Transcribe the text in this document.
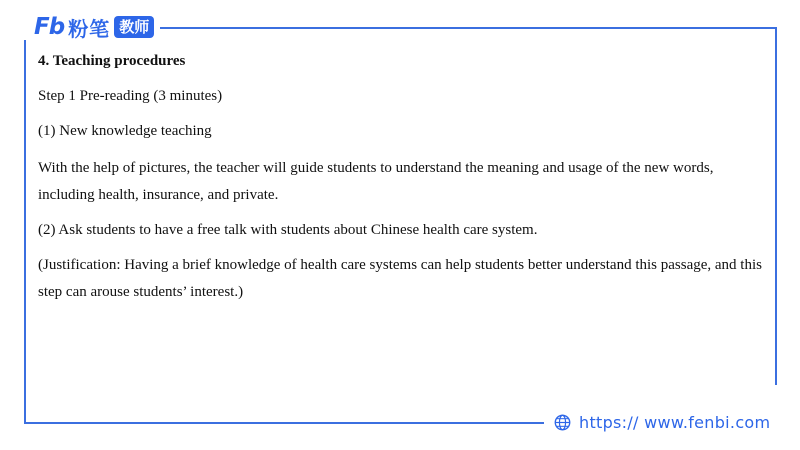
Fb 粉笔 教师

4. Teaching procedures

Step 1 Pre-reading (3 minutes)

(1) New knowledge teaching

With the help of pictures, the teacher will guide students to understand the meaning and usage of the new words, including health, insurance, and private.

(2) Ask students to have a free talk with students about Chinese health care system.

(Justification: Having a brief knowledge of health care systems can help students better understand this passage, and this step can arouse students’ interest.)

https:// www.fenbi.com
